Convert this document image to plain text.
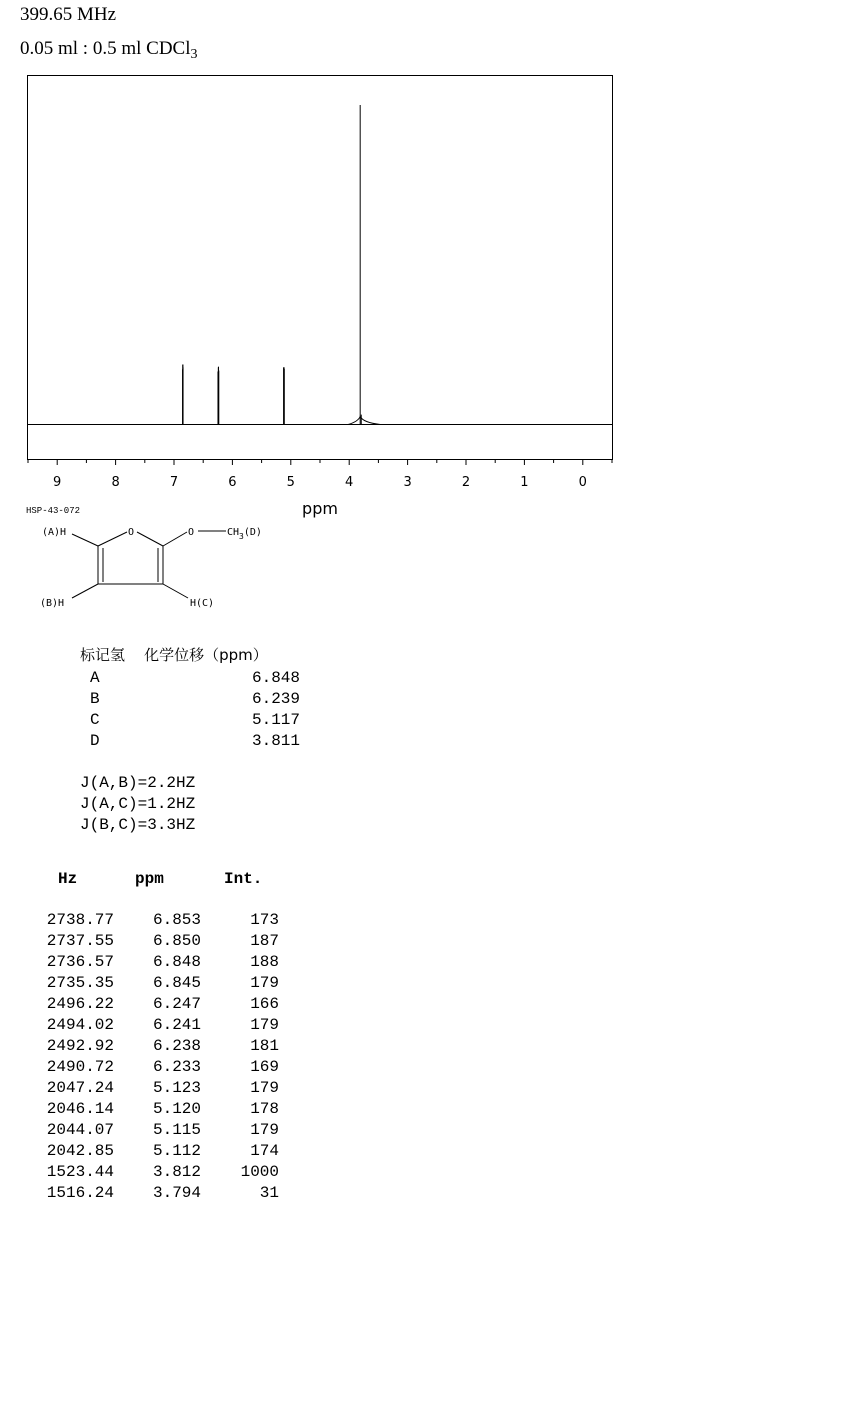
399.65 MHz
0.05 ml : 0.5 ml CDCl$_3$
9	8	7	6	5	4	3	2	1	0
ppm
HSP-43-072
(A)H	O	O	$CH_3(D)$
(B)H	H(C)
标记氢 化学位移（ppm）
A	6.848
B	6.239
C	5.117
D	3.811
J(A,B)=2.2HZ
J(A,C)=1.2HZ
J(B,C)=3.3HZ
Hz	ppm	Int.
2738.77 6.853	173
2737.55 6.850	187
2736.57 6.848	188
2735.35 6.845	179
2496.22 6.247	166
2494.02 6.241	179
2492.92 6.238	181
2490.72 6.233	169
2047.24 5.123	179
2046.14 5.120	178
2044.07 5.115	179
2042.85 5.112	174
1523.44 3.812 1000
1516.24 3.794	31
